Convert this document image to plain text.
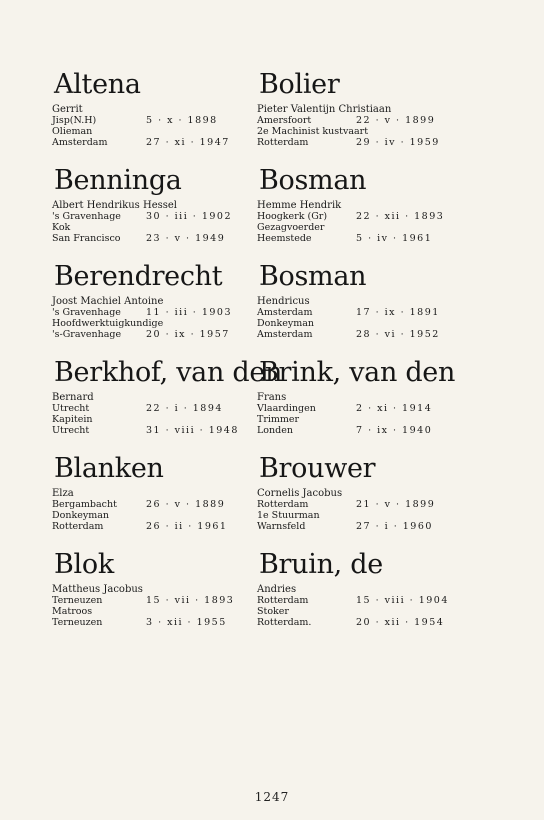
Altena
Gerrit
Jisp(N.H)	5 · x · 1898
Olieman
Amsterdam	27 · xi · 1947
Benninga
Albert Hendrikus Hessel
's Gravenhage	30 · iii · 1902
Kok
San Francisco	23 · v · 1949
Berendrecht
Joost Machiel Antoine
's Gravenhage	11 · iii · 1903
Hoofdwerktuigkundige
's-Gravenhage	20 · ix · 1957
Berkhof, van den
Bernard
Utrecht	22 · i · 1894
Kapitein
Utrecht	31 · viii · 1948
Blanken
Elza
Bergambacht	26 · v · 1889
Donkeyman
Rotterdam	26 · ii · 1961
Blok
Mattheus Jacobus
Terneuzen	15 · vii · 1893
Matroos
Terneuzen	3 · xii · 1955
Bolier
Pieter Valentijn Christiaan
Amersfoort	22 · v · 1899
2e Machinist kustvaart
Rotterdam	29 · iv · 1959
Bosman
Hemme Hendrik
Hoogkerk (Gr)	22 · xii · 1893
Gezagvoerder
Heemstede	5 · iv · 1961
Bosman
Hendricus
Amsterdam	17 · ix · 1891
Donkeyman
Amsterdam	28 · vi · 1952
Brink, van den
Frans
Vlaardingen	2 · xi · 1914
Trimmer
Londen	7 · ix · 1940
Brouwer
Cornelis Jacobus
Rotterdam	21 · v · 1899
1e Stuurman
Warnsfeld	27 · i · 1960
Bruin, de
Andries
Rotterdam	15 · viii · 1904
Stoker
Rotterdam.	20 · xii · 1954
1247
